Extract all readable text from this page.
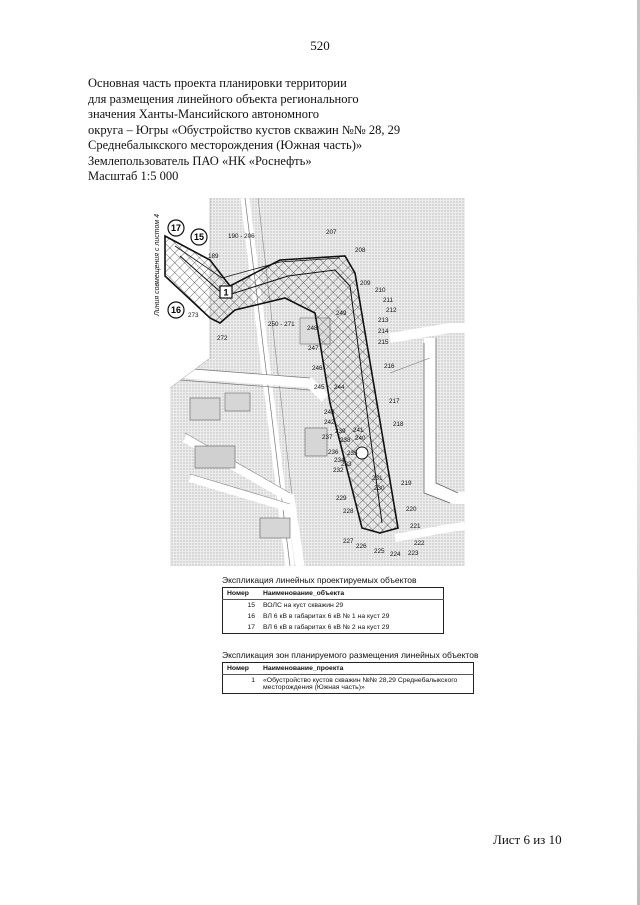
520
Основная часть проекта планировки территории
для размещения линейного объекта регионального
значения Ханты-Мансийского автономного
округа – Югры «Обустройство кустов скважин №№ 28, 29
Среднебалыкского месторождения (Южная часть)»
Землепользователь ПАО «НК «Роснефть»
Масштаб 1:5 000
Линия совмещения с листом 4 17
15
16
1
189
190 - 206
207
208
209
210
211
212
213
214
215
216
217
218
219
220
221
222
223
224
225
226
227
228
229
230
231
232
233
234
235
236
237 238
239
240
241
242
243
244
245
246
247
248
249
250 - 271
272
273
Экспликация линейных проектируемых объектов
Номер	Наименование_объекта
15	ВОЛС на куст скважин 29
16	ВЛ 6 кВ в габаритах 6 кВ № 1 на куст 29
17	ВЛ 6 кВ в габаритах 6 кВ № 2 на куст 29
Экспликация зон планируемого размещения линейных объектов
Номер	Наименование_проекта
1	«Обустройство кустов скважин №№ 28,29 Среднебалыкского месторождения (Южная часть)»
Лист 6 из 10
